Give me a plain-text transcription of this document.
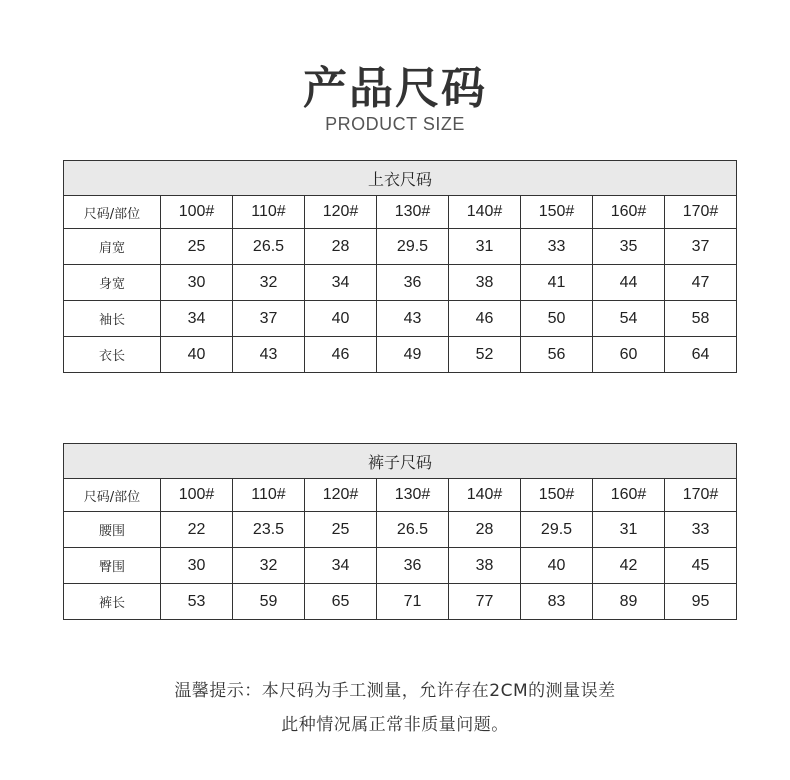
产品尺码
PRODUCT SIZE
上衣尺码								
尺码/部位	100#	110#	120#	130#	140#	150#	160#	170#
肩宽	25	26.5	28	29.5	31	33	35	37
身宽	30	32	34	36	38	41	44	47
袖长	34	37	40	43	46	50	54	58
衣长	40	43	46	49	52	56	60	64
裤子尺码								
尺码/部位	100#	110#	120#	130#	140#	150#	160#	170#
腰围	22	23.5	25	26.5	28	29.5	31	33
臀围	30	32	34	36	38	40	42	45
裤长	53	59	65	71	77	83	89	95
温馨提示：本尺码为手工测量，允许存在2CM的测量误差
此种情况属正常非质量问题。
